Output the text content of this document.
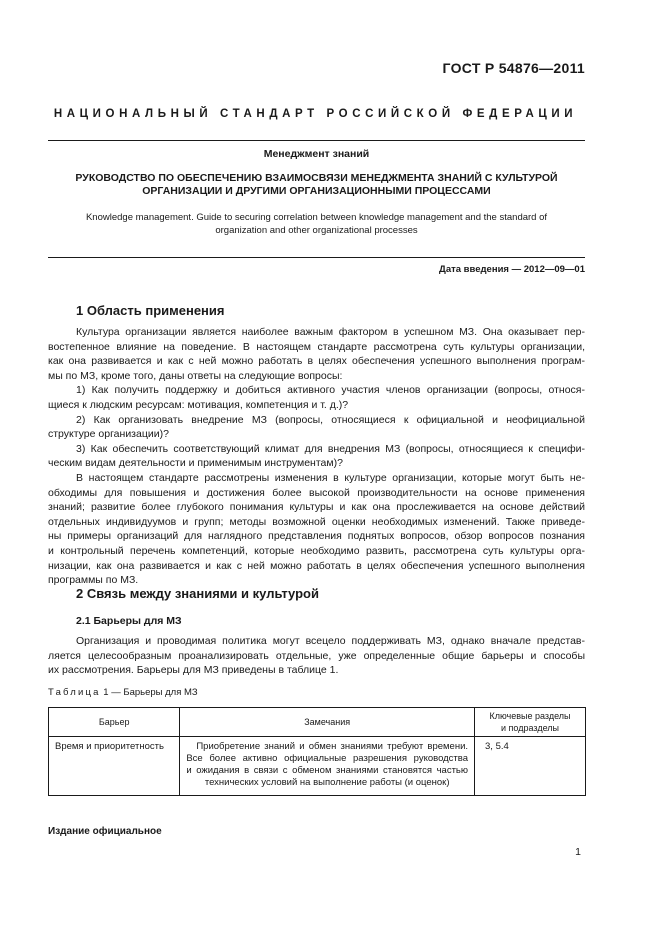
ГОСТ Р 54876—2011
НАЦИОНАЛЬНЫЙ СТАНДАРТ РОССИЙСКОЙ ФЕДЕРАЦИИ
Менеджмент знаний
РУКОВОДСТВО ПО ОБЕСПЕЧЕНИЮ ВЗАИМОСВЯЗИ МЕНЕДЖМЕНТА ЗНАНИЙ С КУЛЬТУРОЙ
ОРГАНИЗАЦИИ И ДРУГИМИ ОРГАНИЗАЦИОННЫМИ ПРОЦЕССАМИ
Knowledge management. Guide to securing correlation between knowledge management and the standard of
organization and other organizational processes
Дата введения — 2012—09—01
1 Область применения
Культура организации является наиболее важным фактором в успешном МЗ. Она оказывает пер-
востепенное влияние на поведение. В настоящем стандарте рассмотрена суть культуры организации,
как она развивается и как с ней можно работать в целях обеспечения успешного выполнения програм-
мы по МЗ, кроме того, даны ответы на следующие вопросы:
1) Как получить поддержку и добиться активного участия членов организации (вопросы, относя-
щиеся к людским ресурсам: мотивация, компетенция и т. д.)?
2) Как организовать внедрение МЗ (вопросы, относящиеся к официальной и неофициальной
структуре организации)?
3) Как обеспечить соответствующий климат для внедрения МЗ (вопросы, относящиеся к специфи-
ческим видам деятельности и применимым инструментам)?
В настоящем стандарте рассмотрены изменения в культуре организации, которые могут быть не-
обходимы для повышения и достижения более высокой производительности на основе применения
знаний; развитие более глубокого понимания культуры и как она прослеживается на основе действий
отдельных индивидуумов и групп; методы возможной оценки необходимых изменений. Также приведе-
ны примеры организаций для наглядного представления поднятых вопросов, обзор вопросов познания
и контрольный перечень компетенций, которые необходимо развить, рассмотрена суть культуры орга-
низации, как она развивается и как с ней можно работать в целях обеспечения успешного выполнения
программы по МЗ.
2 Связь между знаниями и культурой
2.1 Барьеры для МЗ
Организация и проводимая политика могут всецело поддерживать МЗ, однако вначале представ-
ляется целесообразным проанализировать отдельные, уже определенные общие барьеры и способы
их рассмотрения. Барьеры для МЗ приведены в таблице 1.
Таблица 1 — Барьеры для МЗ
Барьер	Замечания	Ключевые разделы
и подразделы

Время и приоритетность	Приобретение знаний и обмен знаниями требуют времени.
Все более активно официальные разрешения руководства
и ожидания в связи с обменом знаниями становятся частью
технических условий на выполнение работы (и оценок)	3, 5.4
Издание официальное
1
